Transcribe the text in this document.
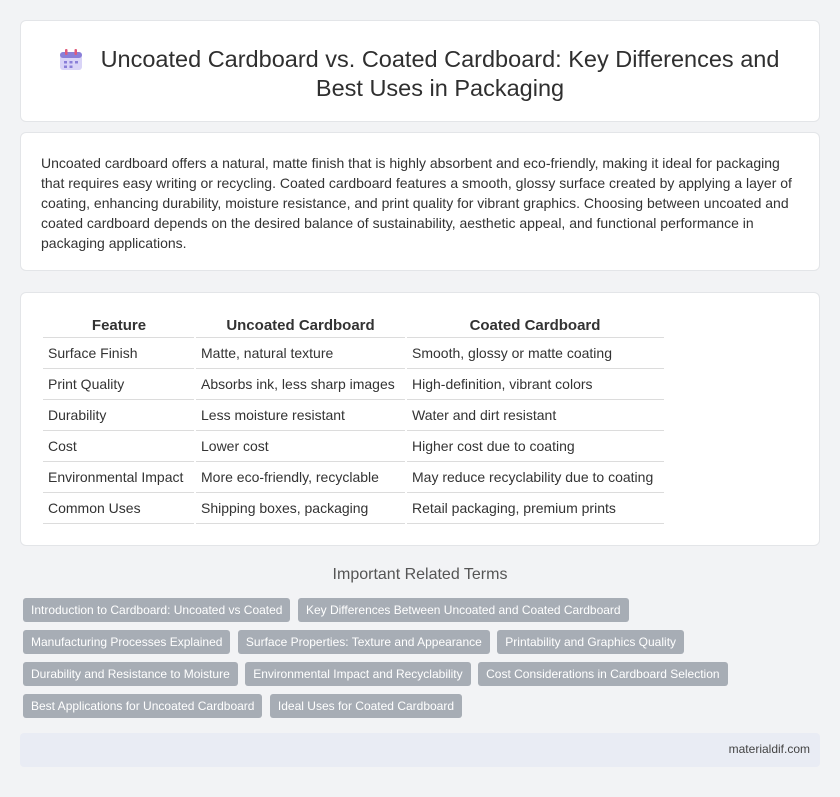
Uncoated Cardboard vs. Coated Cardboard: Key Differences and Best Uses in Packaging

Uncoated cardboard offers a natural, matte finish that is highly absorbent and eco-friendly, making it ideal for packaging that requires easy writing or recycling. Coated cardboard features a smooth, glossy surface created by applying a layer of coating, enhancing durability, moisture resistance, and print quality for vibrant graphics. Choosing between uncoated and coated cardboard depends on the desired balance of sustainability, aesthetic appeal, and functional performance in packaging applications.

Feature	Uncoated Cardboard	Coated Cardboard
Surface Finish	Matte, natural texture	Smooth, glossy or matte coating
Print Quality	Absorbs ink, less sharp images	High-definition, vibrant colors
Durability	Less moisture resistant	Water and dirt resistant
Cost	Lower cost	Higher cost due to coating
Environmental Impact	More eco-friendly, recyclable	May reduce recyclability due to coating
Common Uses	Shipping boxes, packaging	Retail packaging, premium prints
Important Related Terms
Introduction to Cardboard: Uncoated vs Coated Key Differences Between Uncoated and Coated Cardboard Manufacturing Processes Explained Surface Properties: Texture and Appearance Printability and Graphics Quality Durability and Resistance to Moisture Environmental Impact and Recyclability Cost Considerations in Cardboard Selection Best Applications for Uncoated Cardboard Ideal Uses for Coated Cardboard
materialdif.com
